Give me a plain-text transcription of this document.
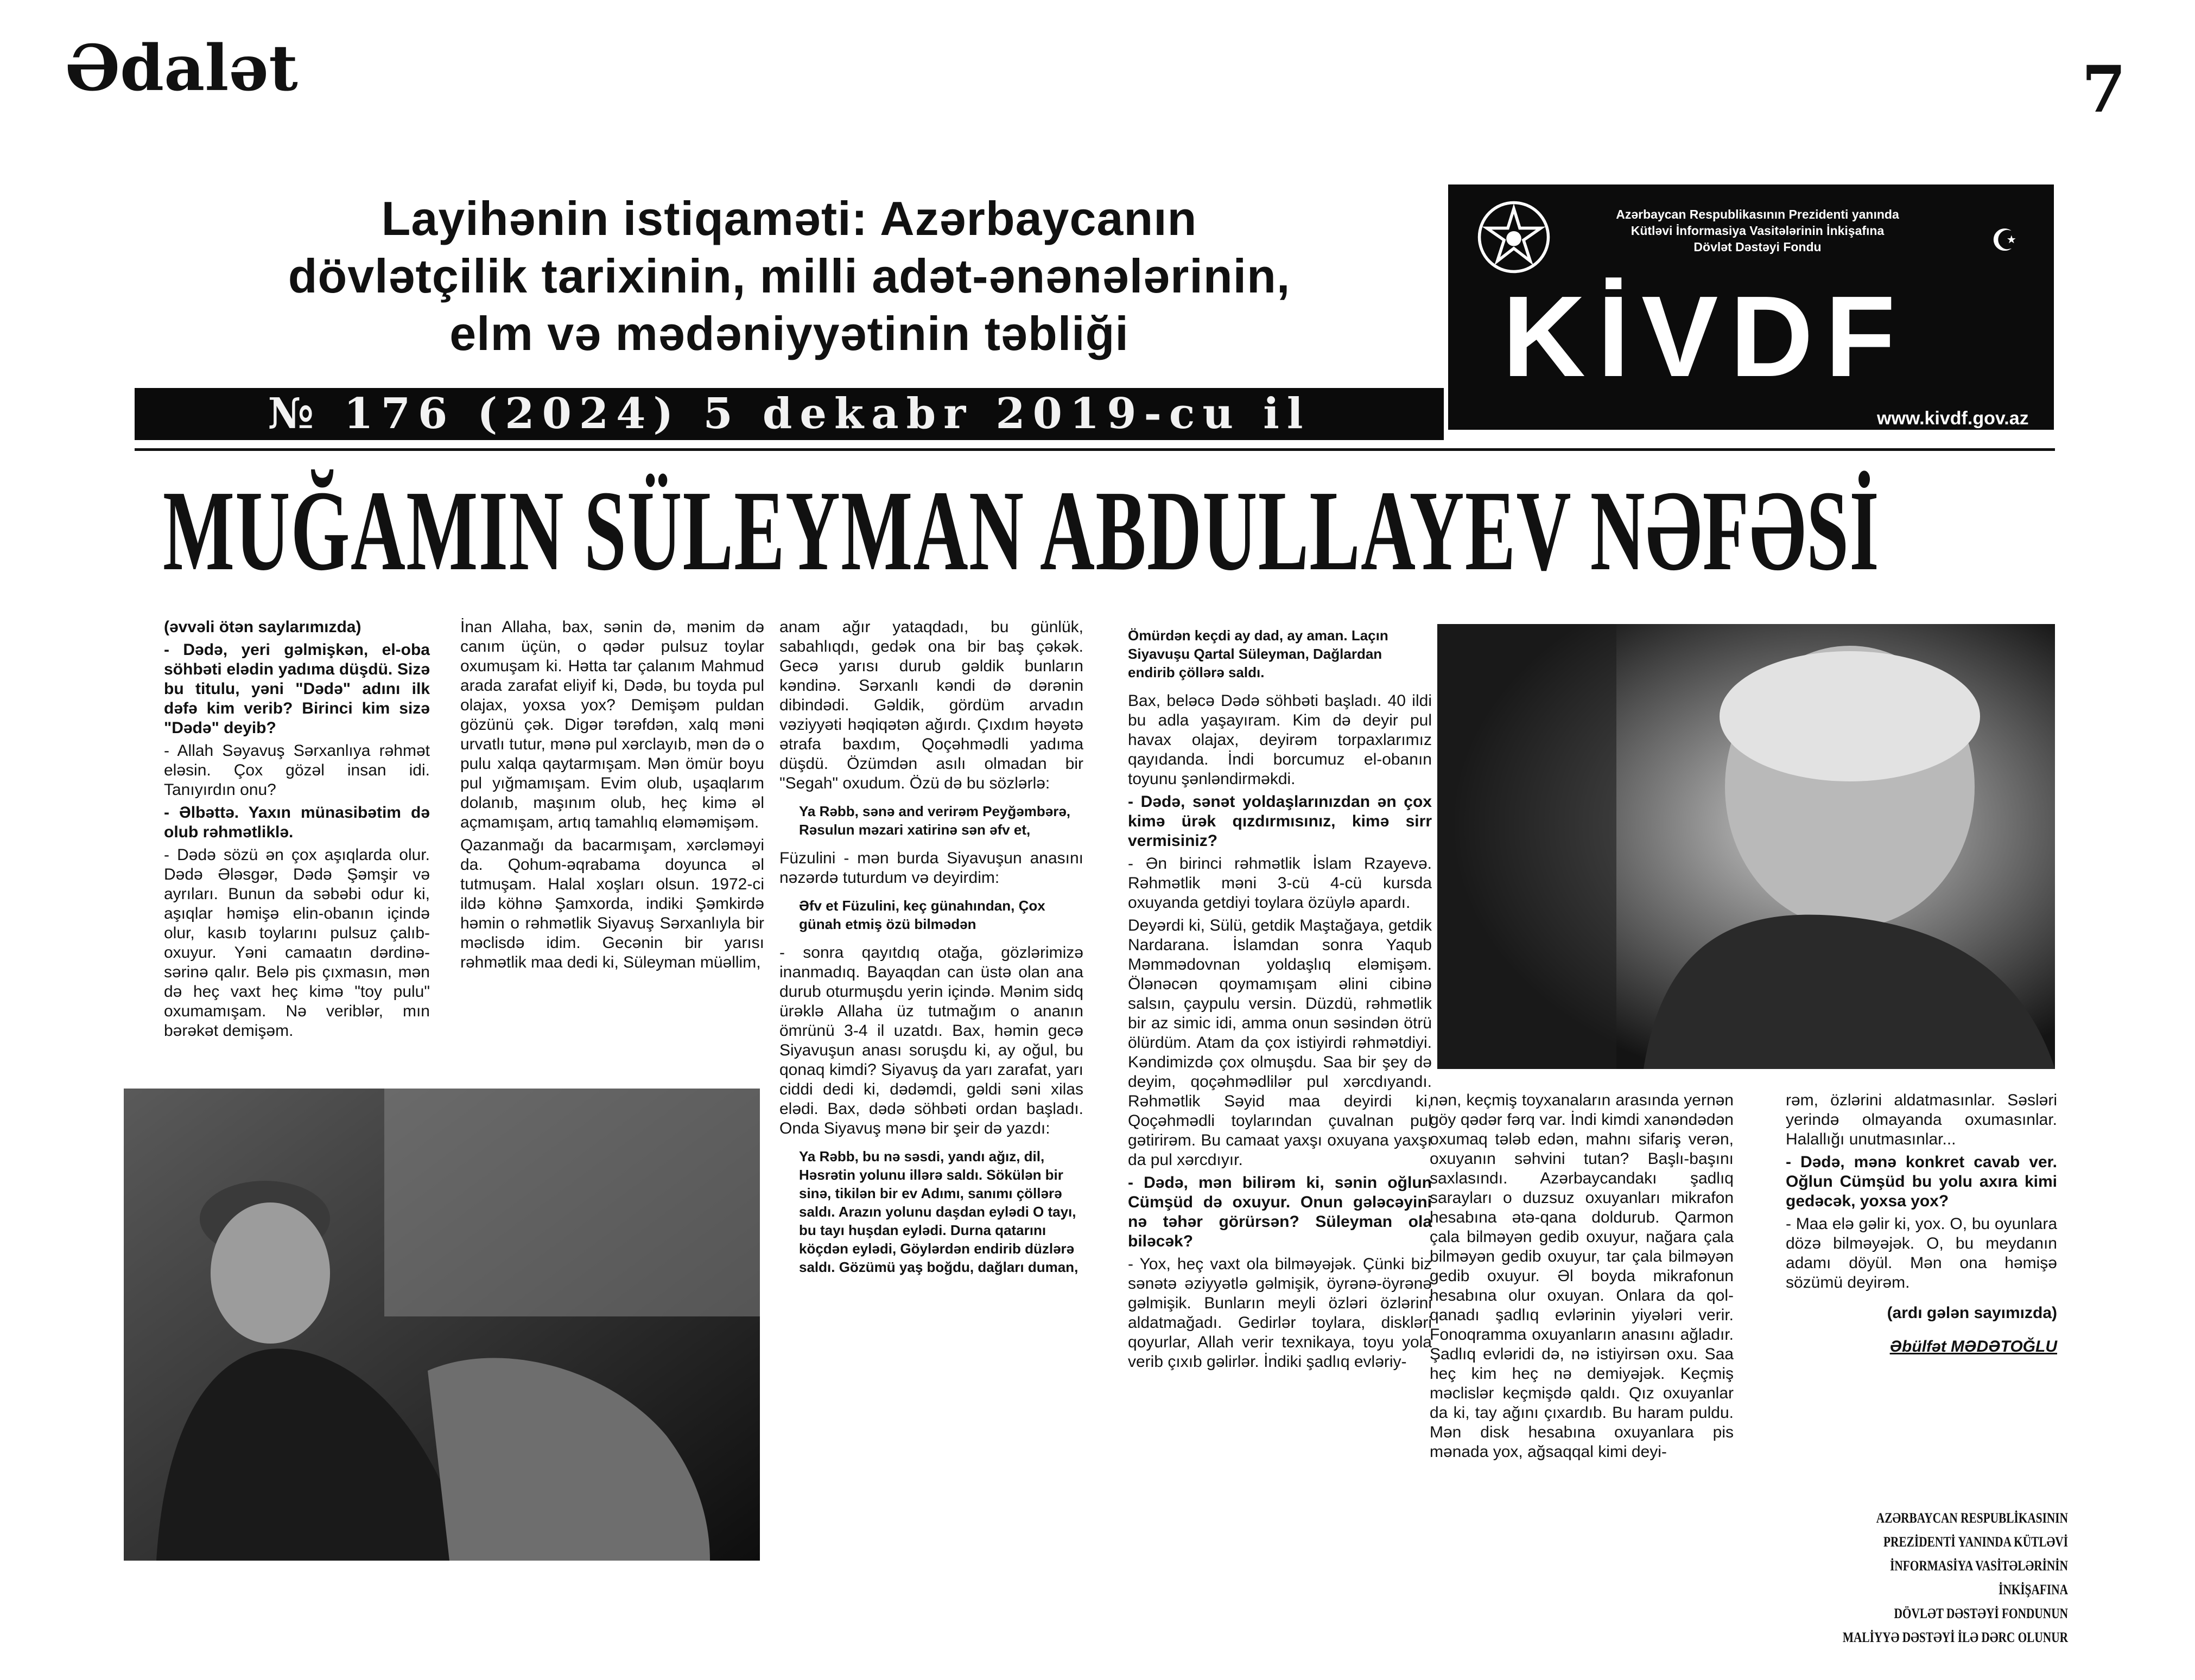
Ədalət	7
Layihənin istiqaməti: Azərbaycanın
dövlətçilik tarixinin, milli adət-ənənələrinin,
elm və mədəniyyətinin təbliği
№ 176 (2024) 5 dekabr 2019-cu il
Azərbaycan Respublikasının Prezidenti yanında
Kütləvi İnformasiya Vasitələrinin İnkişafına
Dövlət Dəstəyi Fondu	☪
KİVDF
www.kivdf.gov.az
MUĞAMIN SÜLEYMAN ABDULLAYEV NƏFƏSİ

(əvvəli ötən saylarımızda)

- Dədə, yeri gəlmişkən, el-oba söhbəti elədin yadıma düşdü. Sizə bu titulu, yəni "Dədə" adını ilk dəfə kim verib? Birinci kim sizə "Dədə" deyib?

- Allah Səyavuş Sərxanlıya rəhmət eləsin. Çox gözəl insan idi. Tanıyırdın onu?

- Əlbəttə. Yaxın münasibətim də olub rəhmətliklə.

- Dədə sözü ən çox aşıqlarda olur. Dədə Ələsgər, Dədə Şəmşir və ayrıları. Bunun da səbəbi odur ki, aşıqlar həmişə elin-obanın içində olur, kasıb toylarını pulsuz çalıb-oxuyur. Yəni camaatın dərdinə-sərinə qalır. Belə pis çıxmasın, mən də heç vaxt heç kimə "toy pulu" oxumamışam. Nə veriblər, mın bərəkət demişəm.

İnan Allaha, bax, sənin də, mənim də canım üçün, o qədər pulsuz toylar oxumuşam ki. Hətta tar çalanım Mahmud arada zarafat eliyif ki, Dədə, bu toyda pul olajax, yoxsa yox? Demişəm puldan gözünü çək. Digər tərəfdən, xalq məni urvatlı tutur, mənə pul xərclayıb, mən də o pulu xalqa qaytarmışam. Mən ömür boyu pul yığmamışam. Evim olub, uşaqlarım dolanıb, maşınım olub, heç kimə əl açmamışam, artıq tamahlıq eləməmişəm.

Qazanmağı da bacarmışam, xərcləməyi da. Qohum-əqrabama doyunca əl tutmuşam. Halal xoşları olsun. 1972-ci ildə köhnə Şamxorda, indiki Şəmkirdə həmin o rəhmətlik Siyavuş Sərxanlıyla bir məclisdə idim. Gecənin bir yarısı rəhmətlik maa dedi ki, Süleyman müəllim,

anam ağır yataqdadı, bu günlük, sabahlıqdı, gedək ona bir baş çəkək. Gecə yarısı durub gəldik bunların kəndinə. Sərxanlı kəndi də dərənin dibindədi. Gəldik, gördüm arvadın vəziyyəti həqiqətən ağırdı. Çıxdım həyətə ətrafa baxdım, Qoçəhmədli yadıma düşdü. Özümdən asılı olmadan bir "Segah" oxudum. Özü də bu sözlərlə:

Ya Rəbb, sənə and verirəm Peyğəmbərə, Rəsulun məzari xatirinə sən əfv et,

Füzulini - mən burda Siyavuşun anasını nəzərdə tuturdum və deyirdim:

Əfv et Füzulini, keç günahından, Çox günah etmiş özü bilmədən

- sonra qayıtdıq otağa, gözlərimizə inanmadıq. Bayaqdan can üstə olan ana durub oturmuşdu yerin içində. Mənim sidq ürəklə Allaha üz tutmağım o ananın ömrünü 3-4 il uzatdı. Bax, həmin gecə Siyavuşun anası soruşdu ki, ay oğul, bu qonaq kimdi? Siyavuş da yarı zarafat, yarı ciddi dedi ki, dədəmdi, gəldi səni xilas elədi. Bax, dədə söhbəti ordan başladı. Onda Siyavuş mənə bir şeir də yazdı:

Ya Rəbb, bu nə səsdi, yandı ağız, dil, Həsrətin yolunu illərə saldı. Sökülən bir sinə, tikilən bir ev Adımı, sanımı çöllərə saldı. Arazın yolunu daşdan eylədi O tayı, bu tayı huşdan eylədi. Durna qatarını köçdən eylədi, Göylərdən endirib düzlərə saldı. Gözümü yaş boğdu, dağları duman,

Ömürdən keçdi ay dad, ay aman. Laçın Siyavuşu Qartal Süleyman, Dağlardan endirib çöllərə saldı.

Bax, beləcə Dədə söhbəti başladı. 40 ildi bu adla yaşayıram. Kim də deyir pul havax olajax, deyirəm torpaxlarımız qayıdanda. İndi borcumuz el-obanın toyunu şənləndirməkdi.

- Dədə, sənət yoldaşlarınızdan ən çox kimə ürək qızdırmısınız, kimə sirr vermisiniz?

- Ən birinci rəhmətlik İslam Rzayevə. Rəhmətlik məni 3-cü 4-cü kursda oxuyanda getdiyi toylara özüylə apardı.

Deyərdi ki, Sülü, getdik Maştağaya, getdik Nardarana. İslamdan sonra Yaqub Məmmədovnan yoldaşlıq eləmişəm. Ölənəcən qoymamışam əlini cibinə salsın, çaypulu versin. Düzdü, rəhmətlik bir az simic idi, amma onun səsindən ötrü ölürdüm. Atam da çox istiyirdi rəhmətdiyi. Kəndimizdə çox olmuşdu. Saa bir şey də deyim, qoçəhmədlilər pul xərcdıyandı. Rəhmətlik Səyid maa deyirdi ki, Qoçəhmədli toylarından çuvalnan pul gətirirəm. Bu camaat yaxşı oxuyana yaxşı da pul xərcdıyır.

- Dədə, mən bilirəm ki, sənin oğlun Cümşüd də oxuyur. Onun gələcəyini nə təhər görürsən? Süleyman ola biləcək?

- Yox, heç vaxt ola bilməyəjək. Çünki biz sənətə əziyyətlə gəlmişik, öyrənə-öyrənə gəlmişik. Bunların meyli özləri özlərini aldatmağadı. Gedirlər toylara, diskləri qoyurlar, Allah verir texnikaya, toyu yola verib çıxıb gəlirlər. İndiki şadlıq evləriy-

nən, keçmiş toyxanaların arasında yernən göy qədər fərq var. İndi kimdi xanəndədən oxumaq tələb edən, mahnı sifariş verən, oxuyanın səhvini tutan? Başlı-başını saxlasındı. Azərbaycandakı şadlıq sarayları o duzsuz oxuyanları mikrafon hesabına ətə-qana doldurub. Qarmon çala bilməyən gedib oxuyur, nağara çala bilməyən gedib oxuyur, tar çala bilməyən gedib oxuyur. Əl boyda mikrafonun hesabına olur oxuyan. Onlara da qol-qanadı şadlıq evlərinin yiyələri verir. Fonoqramma oxuyanların anasını ağladır. Şadlıq evləridi də, nə istiyirsən oxu. Saa heç kim heç nə demiyəjək. Keçmiş məclislər keçmişdə qaldı. Qız oxuyanlar da ki, tay ağını çıxardıb. Bu haram puldu. Mən disk hesabına oxuyanlara pis mənada yox, ağsaqqal kimi deyi-

rəm, özlərini aldatmasınlar. Səsləri yerində olmayanda oxumasınlar. Halallığı unutmasınlar...

- Dədə, mənə konkret cavab ver. Oğlun Cümşüd bu yolu axıra kimi gedəcək, yoxsa yox?

- Maa elə gəlir ki, yox. O, bu oyunlara dözə bilməyəjək. O, bu meydanın adamı döyül. Mən ona həmişə sözümü deyirəm.

(ardı gələn sayımızda)

Əbülfət MƏDƏTOĞLU

AZƏRBAYCAN RESPUBLİKASININ
PREZİDENTİ YANINDA KÜTLƏVİ
İNFORMASİYA VASİTƏLƏRİNİN İNKİŞAFINA
DÖVLƏT DƏSTƏYİ FONDUNUN
MALİYYƏ DƏSTƏYİ İLƏ DƏRC OLUNUR
